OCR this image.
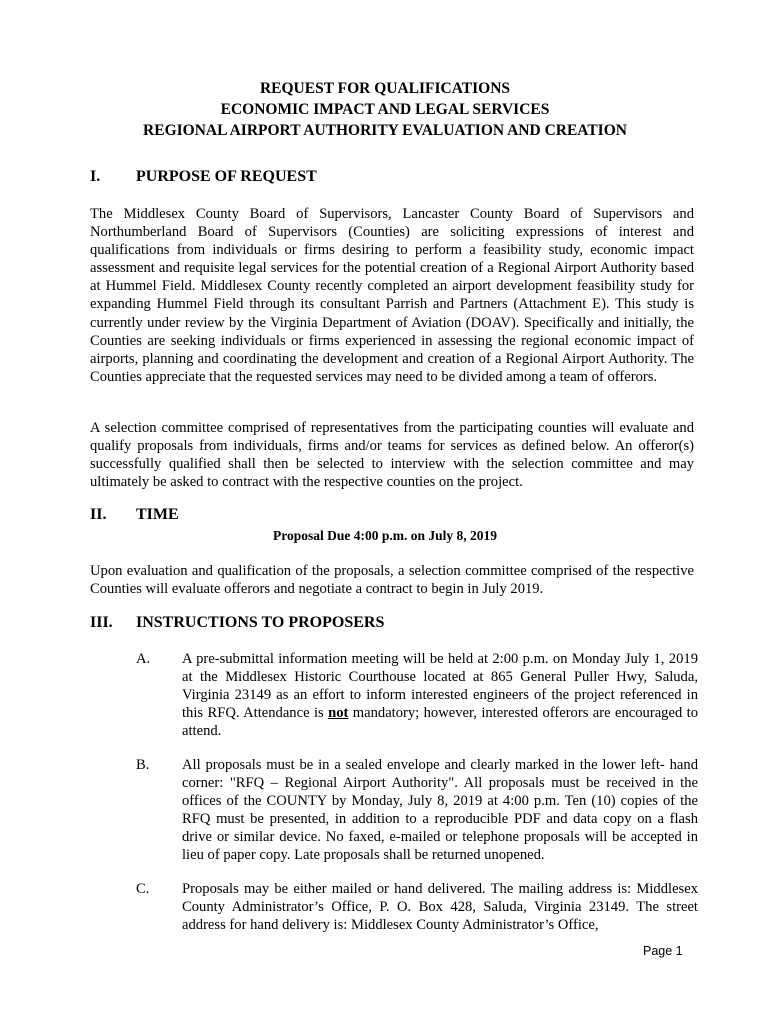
REQUEST FOR QUALIFICATIONS
ECONOMIC IMPACT AND LEGAL SERVICES
REGIONAL AIRPORT AUTHORITY EVALUATION AND CREATION
I. PURPOSE OF REQUEST

The Middlesex County Board of Supervisors, Lancaster County Board of Supervisors and Northumberland Board of Supervisors (Counties) are soliciting expressions of interest and qualifications from individuals or firms desiring to perform a feasibility study, economic impact assessment and requisite legal services for the potential creation of a Regional Airport Authority based at Hummel Field. Middlesex County recently completed an airport development feasibility study for expanding Hummel Field through its consultant Parrish and Partners (Attachment E). This study is currently under review by the Virginia Department of Aviation (DOAV). Specifically and initially, the Counties are seeking individuals or firms experienced in assessing the regional economic impact of airports, planning and coordinating the development and creation of a Regional Airport Authority. The Counties appreciate that the requested services may need to be divided among a team of offerors.

A selection committee comprised of representatives from the participating counties will evaluate and qualify proposals from individuals, firms and/or teams for services as defined below. An offeror(s) successfully qualified shall then be selected to interview with the selection committee and may ultimately be asked to contract with the respective counties on the project.

II. TIME
Proposal Due 4:00 p.m. on July 8, 2019

Upon evaluation and qualification of the proposals, a selection committee comprised of the respective Counties will evaluate offerors and negotiate a contract to begin in July 2019.

III. INSTRUCTIONS TO PROPOSERS
A. A pre-submittal information meeting will be held at 2:00 p.m. on Monday July 1, 2019 at the Middlesex Historic Courthouse located at 865 General Puller Hwy, Saluda, Virginia 23149 as an effort to inform interested engineers of the project referenced in this RFQ. Attendance is not mandatory; however, interested offerors are encouraged to attend.
B. All proposals must be in a sealed envelope and clearly marked in the lower left- hand corner: "RFQ – Regional Airport Authority". All proposals must be received in the offices of the COUNTY by Monday, July 8, 2019 at 4:00 p.m. Ten (10) copies of the RFQ must be presented, in addition to a reproducible PDF and data copy on a flash drive or similar device. No faxed, e-mailed or telephone proposals will be accepted in lieu of paper copy. Late proposals shall be returned unopened.
C. Proposals may be either mailed or hand delivered. The mailing address is: Middlesex County Administrator’s Office, P. O. Box 428, Saluda, Virginia 23149. The street address for hand delivery is: Middlesex County Administrator’s Office,
Page 1
